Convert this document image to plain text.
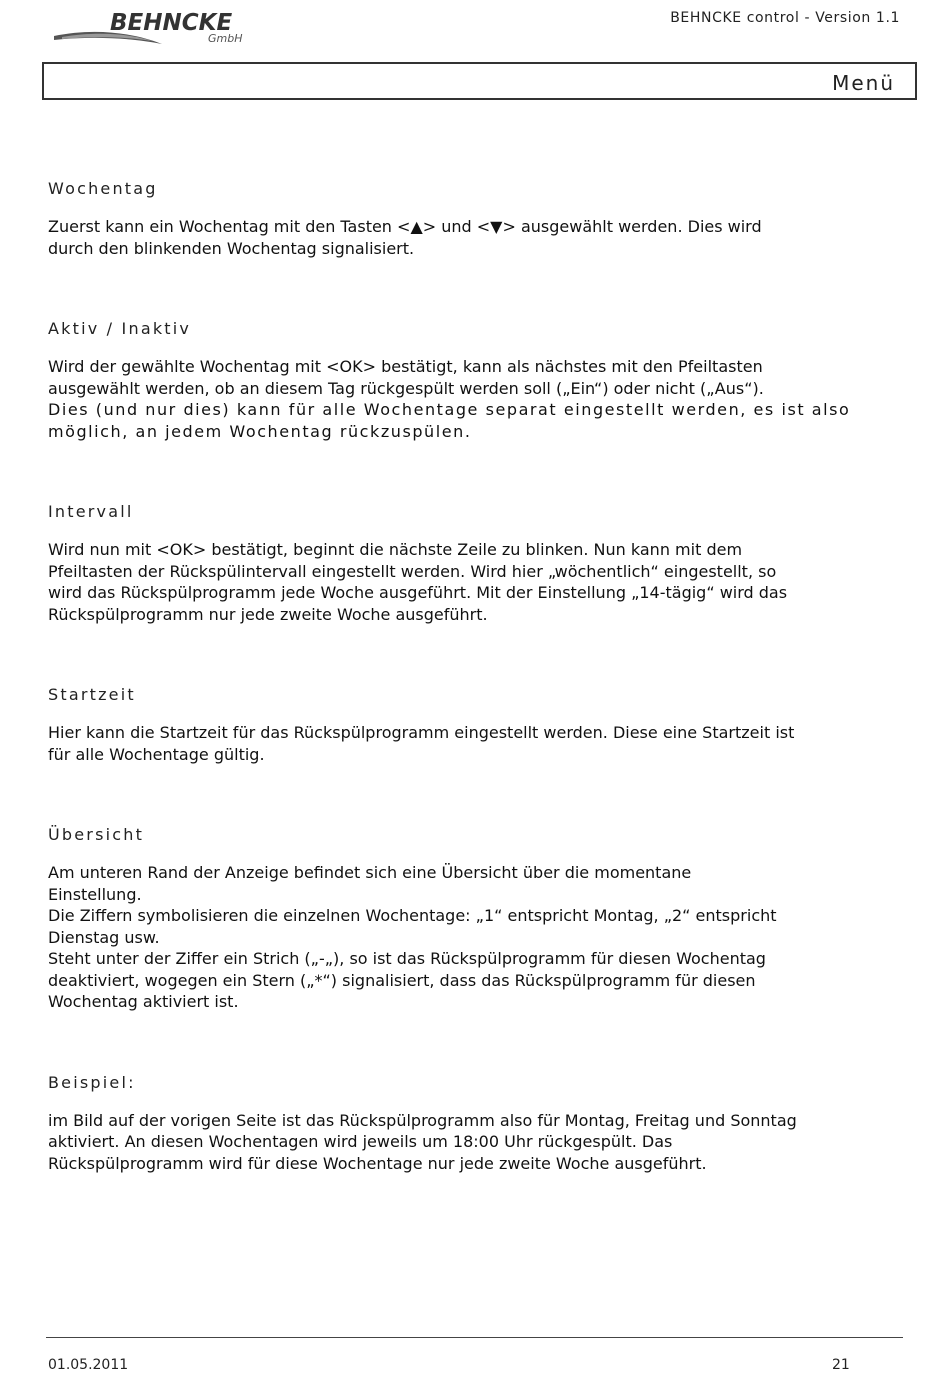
BEHNCKE
GmbH
BEHNCKE control - Version 1.1
Menü
Wochentag

Zuerst kann ein Wochentag mit den Tasten <▲> und <▼> ausgewählt werden. Dies wird
durch den blinkenden Wochentag signalisiert.

Aktiv / Inaktiv

Wird der gewählte Wochentag mit <OK> bestätigt, kann als nächstes mit den Pfeiltasten
ausgewählt werden, ob an diesem Tag rückgespült werden soll („Ein“) oder nicht („Aus“).
Dies (und nur dies) kann für alle Wochentage separat eingestellt werden, es ist also
möglich, an jedem Wochentag rückzuspülen.

Intervall

Wird nun mit <OK> bestätigt, beginnt die nächste Zeile zu blinken. Nun kann mit dem
Pfeiltasten der Rückspülintervall eingestellt werden. Wird hier „wöchentlich“ eingestellt, so
wird das Rückspülprogramm jede Woche ausgeführt. Mit der Einstellung „14-tägig“ wird das
Rückspülprogramm nur jede zweite Woche ausgeführt.

Startzeit

Hier kann die Startzeit für das Rückspülprogramm eingestellt werden. Diese eine Startzeit ist
für alle Wochentage gültig.

Übersicht

Am unteren Rand der Anzeige befindet sich eine Übersicht über die momentane
Einstellung.
Die Ziffern symbolisieren die einzelnen Wochentage: „1“ entspricht Montag, „2“ entspricht
Dienstag usw.
Steht unter der Ziffer ein Strich („-„), so ist das Rückspülprogramm für diesen Wochentag
deaktiviert, wogegen ein Stern („*“) signalisiert, dass das Rückspülprogramm für diesen
Wochentag aktiviert ist.

Beispiel:

im Bild auf der vorigen Seite ist das Rückspülprogramm also für Montag, Freitag und Sonntag
aktiviert. An diesen Wochentagen wird jeweils um 18:00 Uhr rückgespült. Das
Rückspülprogramm wird für diese Wochentage nur jede zweite Woche ausgeführt.

01.05.2011	21
